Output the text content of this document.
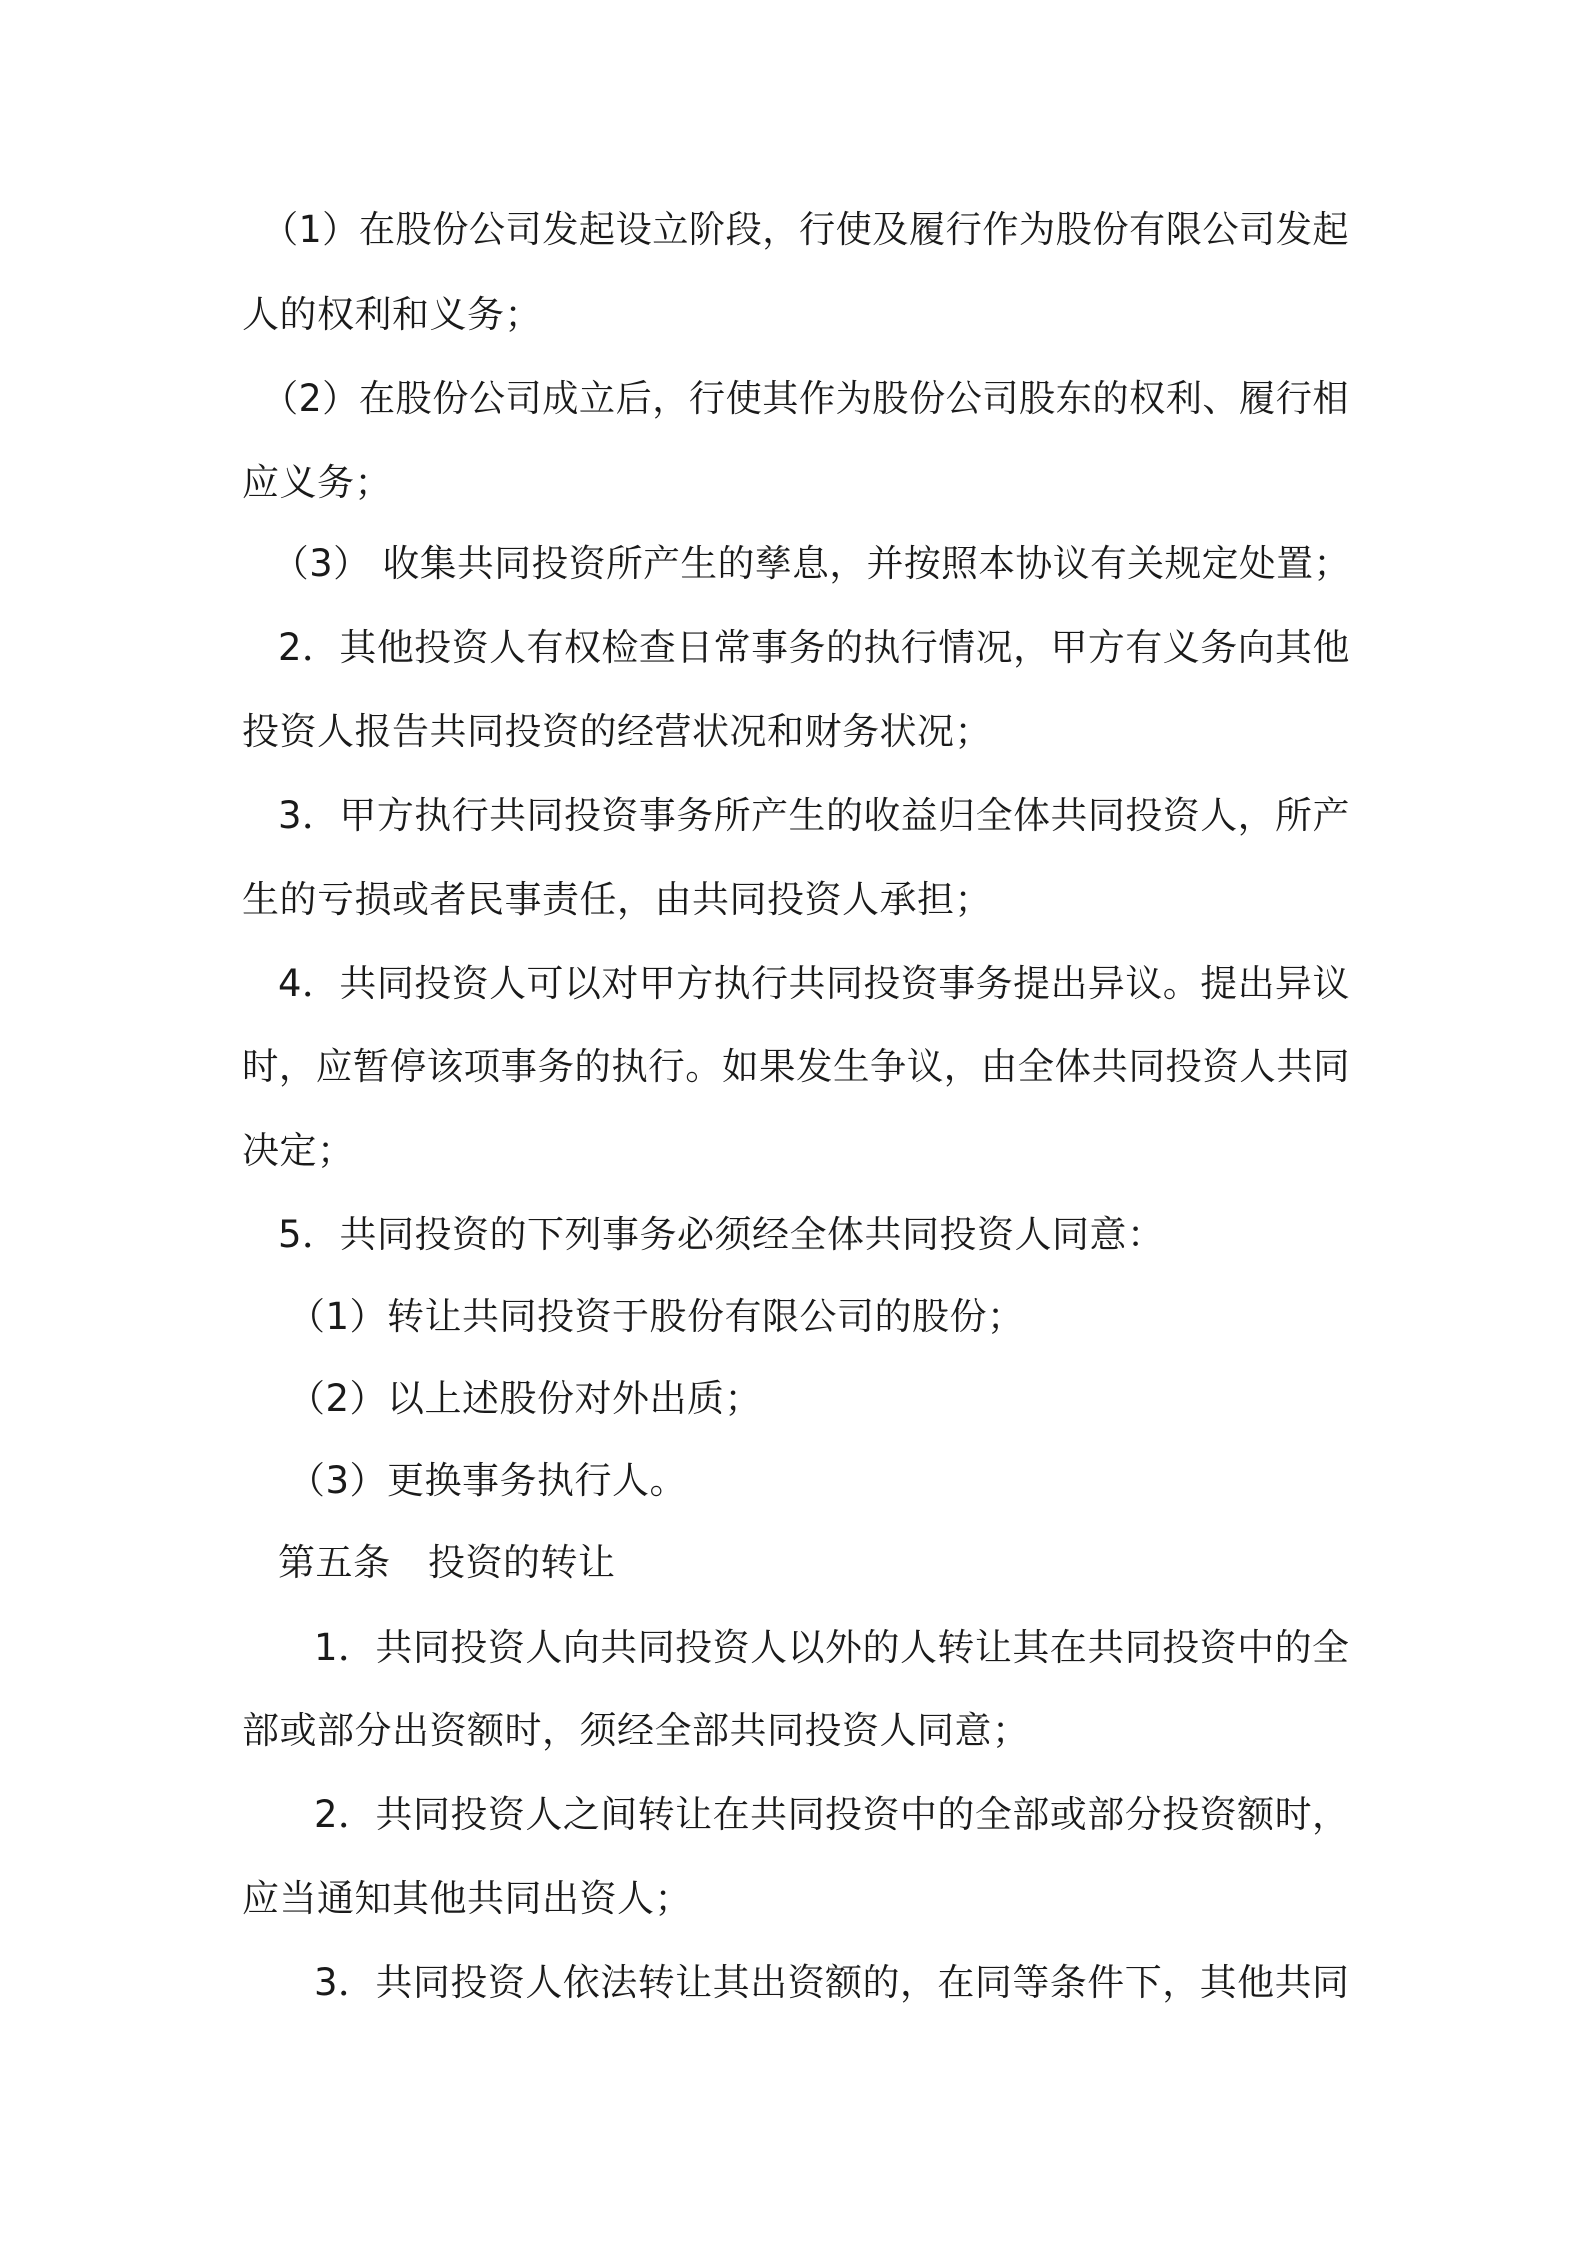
（1）在股份公司发起设立阶段，行使及履行作为股份有限公司发起

人的权利和义务；

（2）在股份公司成立后，行使其作为股份公司股东的权利、履行相

应义务；

（3） 收集共同投资所产生的孳息，并按照本协议有关规定处置；

2．其他投资人有权检查日常事务的执行情况，甲方有义务向其他

投资人报告共同投资的经营状况和财务状况；

3．甲方执行共同投资事务所产生的收益归全体共同投资人，所产

生的亏损或者民事责任，由共同投资人承担；

4．共同投资人可以对甲方执行共同投资事务提出异议。提出异议

时，应暂停该项事务的执行。如果发生争议，由全体共同投资人共同

决定；

5．共同投资的下列事务必须经全体共同投资人同意：

（1）转让共同投资于股份有限公司的股份；

（2）以上述股份对外出质；

（3）更换事务执行人。

第五条　投资的转让

1．共同投资人向共同投资人以外的人转让其在共同投资中的全

部或部分出资额时，须经全部共同投资人同意；

2．共同投资人之间转让在共同投资中的全部或部分投资额时，

应当通知其他共同出资人；

3．共同投资人依法转让其出资额的，在同等条件下，其他共同
